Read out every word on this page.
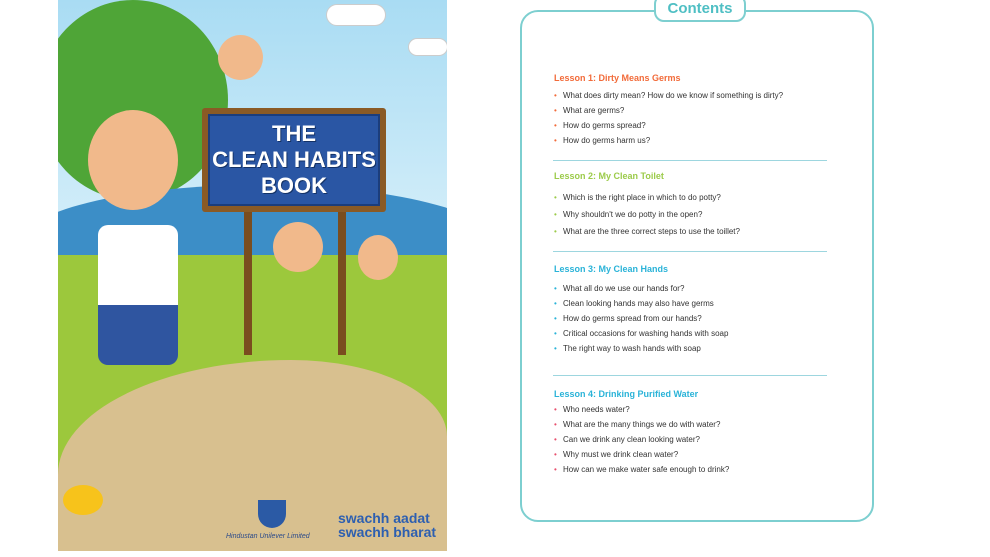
THE
CLEAN HABITS
BOOK
Hindustan Unilever Limited
swachh aadat
swachh bharat
Contents
Lesson 1: Dirty Means Germs
• What does dirty mean? How do we know if something is dirty?
• What are germs?
• How do germs spread?
• How do germs harm us?
Lesson 2: My Clean Toilet
• Which is the right place in which to do potty?
• Why shouldn't we do potty in the open?
• What are the three correct steps to use the toillet?
Lesson 3: My Clean Hands
• What all do we use our hands for?
• Clean looking hands may also have germs
• How do germs spread from our hands?
• Critical occasions for washing hands with soap
• The right way to wash hands with soap
Lesson 4: Drinking Purified Water
• Who needs water?
• What are the many things we do with water?
• Can we drink any clean looking water?
• Why must we drink clean water?
• How can we make water safe enough to drink?
